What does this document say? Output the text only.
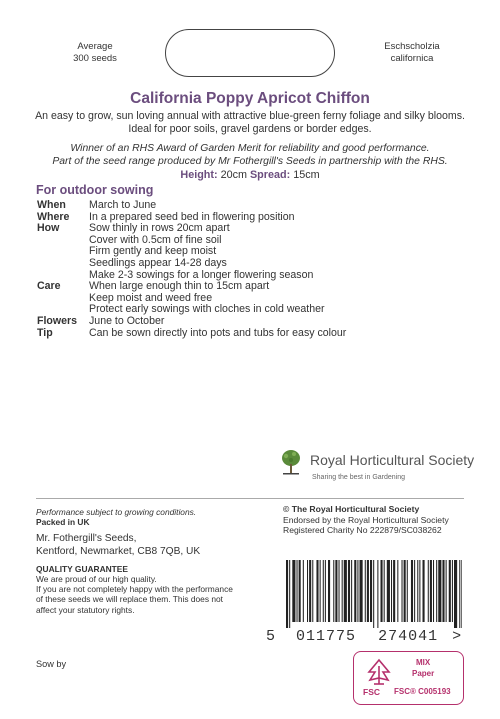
Average
300 seeds
Eschscholzia
californica
California Poppy Apricot Chiffon
An easy to grow, sun loving annual with attractive blue-green ferny foliage and silky blooms.
Ideal for poor soils, gravel gardens or border edges.
Winner of an RHS Award of Garden Merit for reliability and good performance.
Part of the seed range produced by Mr Fothergill's Seeds in partnership with the RHS.
Height: 20cm Spread: 15cm
For outdoor sowing
When	March to June
Where	In a prepared seed bed in flowering position
How	Sow thinly in rows 20cm apart
Cover with 0.5cm of fine soil
Firm gently and keep moist
Seedlings appear 14-28 days
Make 2-3 sowings for a longer flowering season
Care	When large enough thin to 15cm apart
Keep moist and weed free
Protect early sowings with cloches in cold weather
Flowers	June to October
Tip	Can be sown directly into pots and tubs for easy colour
Royal Horticultural Society
Sharing the best in Gardening
Performance subject to growing conditions.
Packed in UK
Mr. Fothergill's Seeds,
Kentford, Newmarket, CB8 7QB, UK
QUALITY GUARANTEE
We are proud of our high quality.
If you are not completely happy with the performance
of these seeds we will replace them. This does not
affect your statutory rights.
© The Royal Horticultural Society
Endorsed by the Royal Horticultural Society
Registered Charity No 222879/SC038262
5 011775 274041 >
Sow by
FSC
MIX
Paper
FSC® C005193
